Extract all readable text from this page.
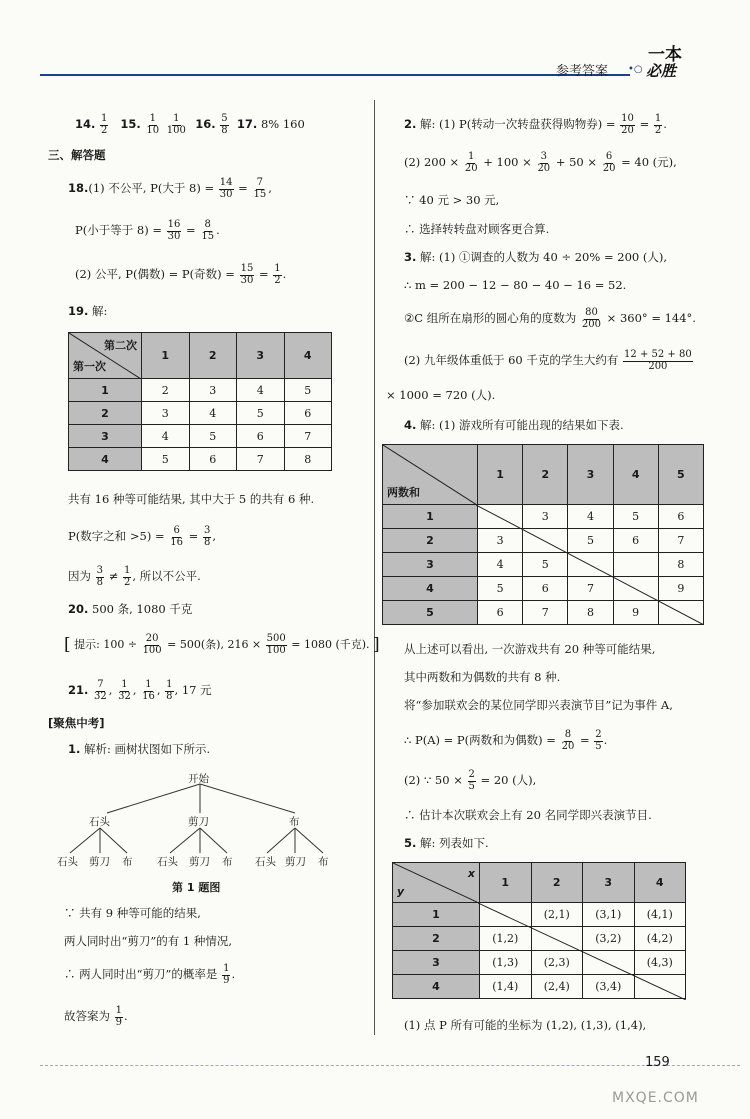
参考答案 •○
一本
必胜
14. $\frac{1}{2} 15$. $\frac{1}{10}$
$\frac{1}{100} 16$. $\frac{5}{8} 17$. 8% 160
三、解答题
18.(1) 不公平, P(大于 $8) = \frac{14}{30} = \frac{7}{15}$ ,
P(小于等于 $8) = \frac{16}{30} = \frac{8}{15}$ .
(2) 公平, P(偶数) = P(奇数) = $\frac{15}{30} = \frac{1}{2}$ .
19. 解:
第二次
第一次	1	2	3	4
1	2	3	4	5
2	3	4	5	6
3	4	5	6	7
4	5	6	7	8
共有 16 种等可能结果, 其中大于 5 的共有 6 种.
P(数字之和 $>5) = \frac{6}{16} = \frac{3}{8}$ ,
因为 $\frac{3}{8} \ne \frac{1}{2}$ , 所以不公平.
20. 500 条, 1080 千克
[ 提示: $100 \div \frac{20}{100} = 500$(条), $216 \times \frac{500}{100} = 1080$ (千克). ]
21. $\frac{7}{32}$ , $\frac{1}{32}$ , $\frac{1}{16}$ , $\frac{1}{8}$ , 17 元
[聚焦中考]
1. 解析: 画树状图如下所示.
开始
石头	剪刀	布
石头 剪刀 布 石头 剪刀 布 石头 剪刀 布
第 1 题图
∵ 共有 9 种等可能的结果,
两人同时出“剪刀”的有 1 种情况,
∴ 两人同时出“剪刀”的概率是 $\frac{1}{9}$ .
故答案为 $\frac{1}{9}$ .
2. 解: (1) P(转动一次转盘获得购物券) = $\frac{10}{20} = \frac{1}{2}$ .
(2) $200 \times \frac{1}{20} + 100 \times \frac{3}{20} + 50 \times \frac{6}{20} = 40$ (元),
∵ 40 元 > 30 元,
∴ 选择转转盘对顾客更合算.
3. 解: (1) ①调查的人数为 40 ÷ 20% = 200 (人),
∴ m = 200 − 12 − 80 − 40 − 16 = 52.
②C 组所在扇形的圆心角的度数为 $\frac{80}{200} \times 360^\circ = 144^\circ$.
(2) 九年级体重低于 60 千克的学生大约有 $\frac{12 + 52 + 80}{200}$
× 1000 = 720 (人).
4. 解: (1) 游戏所有可能出现的结果如下表.
两数和	1	2	3	4	5
1		3	4	5	6
2	3		5	6	7
3	4	5			8
4	5	6	7		9
5	6	7	8	9	
从上述可以看出, 一次游戏共有 20 种等可能结果,
其中两数和为偶数的共有 8 种.
将“参加联欢会的某位同学即兴表演节目”记为事件 A,
∴ P(A) = P(两数和为偶数) = $\frac{8}{20} = \frac{2}{5}$ .
(2) ∵ $50 \times \frac{2}{5} = 20$ (人),
∴ 估计本次联欢会上有 20 名同学即兴表演节目.
5. 解: 列表如下.
x
y	1	2	3	4
1		(2,1)	(3,1)	(4,1)
2	(1,2)		(3,2)	(4,2)
3	(1,3)	(2,3)		(4,3)
4	(1,4)	(2,4)	(3,4)	
(1) 点 P 所有可能的坐标为 (1,2), (1,3), (1,4),
159
MXQE.COM
